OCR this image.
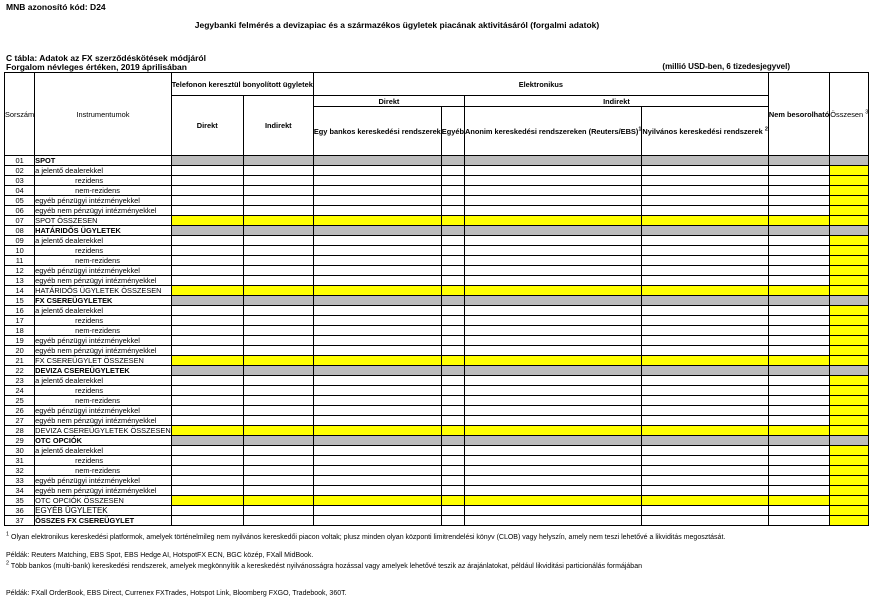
MNB azonosító kód: D24
Jegybanki felmérés a devizapiac és a származékos ügyletek piacának aktivitásáról (forgalmi adatok)
C tábla: Adatok az FX szerződéskötések módjáról
Forgalom névleges értéken, 2019 áprilisában	(millió USD-ben, 6 tizedesjegyvel)
Sorszám	Instrumentumok	Telefonon keresztül bonyolított ügyletek		Elektronikus				Nem besorolható	Összesen $^3$
		Direkt	Indirekt	Direkt		Indirekt			
				Egy bankos kereskedési rendszerek	Egyéb	Anonim kereskedési rendszereken (Reuters/EBS)$^1$	Nyilvános kereskedési rendszerek $^2$

01	SPOT								
02	a jelentő dealerekkel								
03	rezidens								
04	nem-rezidens								
05	egyéb pénzügyi intézményekkel								
06	egyéb nem pénzügyi intézményekkel								
07	SPOT ÖSSZESEN								
08	HATÁRIDŐS ÜGYLETEK								
09	a jelentő dealerekkel								
10	rezidens								
11	nem-rezidens								
12	egyéb pénzügyi intézményekkel								
13	egyéb nem pénzügyi intézményekkel								
14	HATÁRIDŐS ÜGYLETEK ÖSSZESEN								
15	FX CSEREÜGYLETEK								
16	a jelentő dealerekkel								
17	rezidens								
18	nem-rezidens								
19	egyéb pénzügyi intézményekkel								
20	egyéb nem pénzügyi intézményekkel								
21	FX CSEREÜGYLET ÖSSZESEN								
22	DEVIZA CSEREÜGYLETEK								
23	a jelentő dealerekkel								
24	rezidens								
25	nem-rezidens								
26	egyéb pénzügyi intézményekkel								
27	egyéb nem pénzügyi intézményekkel								
28	DEVIZA CSEREÜGYLETEK ÖSSZESEN								
29	OTC OPCIÓK								
30	a jelentő dealerekkel								
31	rezidens								
32	nem-rezidens								
33	egyéb pénzügyi intézményekkel								
34	egyéb nem pénzügyi intézményekkel								
35	OTC OPCIÓK ÖSSZESEN								
36	EGYÉB ÜGYLETEK								
37	ÖSSZES FX CSEREÜGYLET								
$^1$ Olyan elektronikus kereskedési platformok, amelyek történelmileg nem nyilvános kereskedői piacon voltak; plusz minden olyan központi limitrendelési könyv (CLOB) vagy helyszín, amely nem teszi lehetővé a likviditás megosztását.
Példák: Reuters Matching, EBS Spot, EBS Hedge AI, HotspotFX ECN, BGC közép, FXall MidBook.
$^2$ Több bankos (multi-bank) kereskedési rendszerek, amelyek megkönnyítik a kereskedést nyilvánosságra hozással vagy amelyek lehetővé teszik az árajánlatokat, például likviditási particionálás formájában
Példák: FXall OrderBook, EBS Direct, Currenex FXTrades, Hotspot Link, Bloomberg FXGO, Tradebook, 360T.
